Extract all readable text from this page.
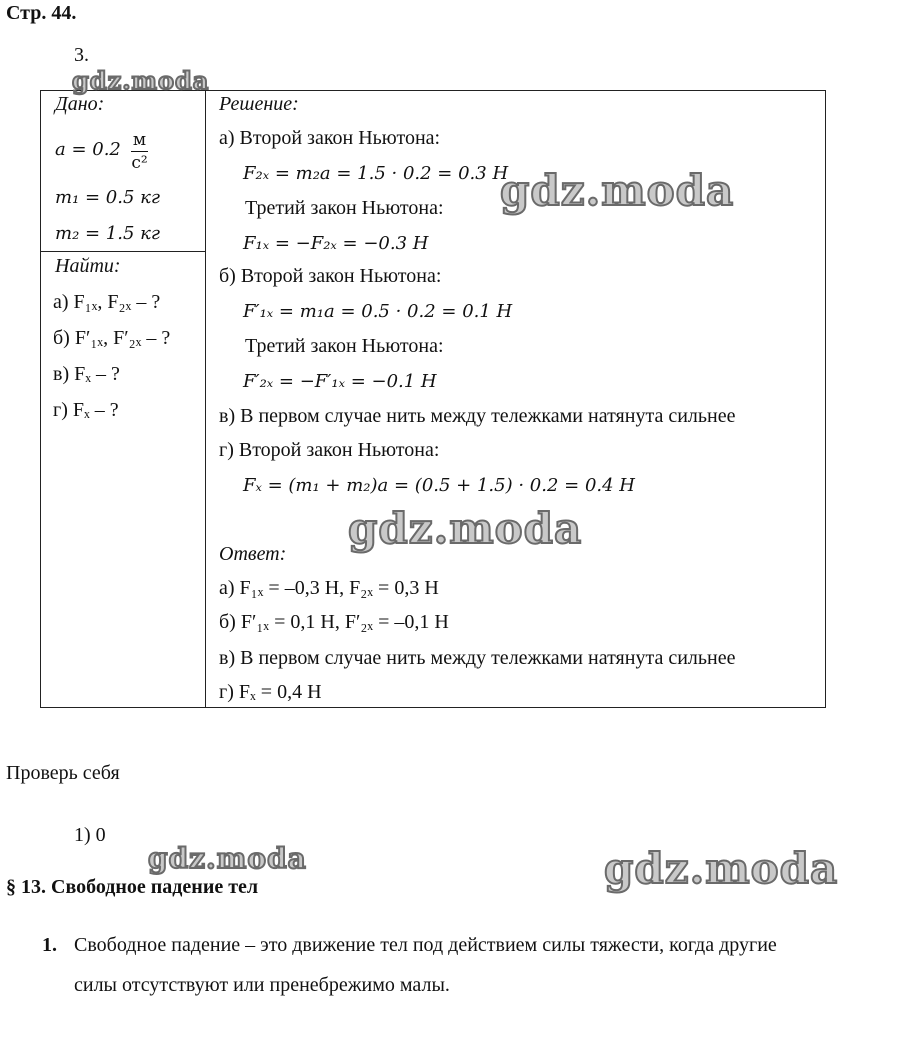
Стр. 44.
3.
Дано:
$a = 0.2 \frac{м}{\text{с²}}$
m₁ = 0.5 кг
m₂ = 1.5 кг
Найти:
а) F₁ₓ, F₂ₓ – ?
б) F′₁ₓ, F′₂ₓ – ?
в) Fₓ – ?
г) Fₓ – ?
Решение:
а) Второй закон Ньютона:
F₂ₓ = m₂a = 1.5 · 0.2 = 0.3 Н
Третий закон Ньютона:
F₁ₓ = −F₂ₓ = −0.3 Н
б) Второй закон Ньютона:
F′₁ₓ = m₁a = 0.5 · 0.2 = 0.1 Н
Третий закон Ньютона:
F′₂ₓ = −F′₁ₓ = −0.1 Н
в) В первом случае нить между тележками натянута сильнее
г) Второй закон Ньютона:
Fₓ = (m₁ + m₂)a = (0.5 + 1.5) · 0.2 = 0.4 Н
Ответ:
а) F₁ₓ = –0,3 Н, F₂ₓ = 0,3 Н
б) F′₁ₓ = 0,1 Н, F′₂ₓ = –0,1 Н
в) В первом случае нить между тележками натянута сильнее
г) Fₓ = 0,4 Н
Проверь себя
1) 0
§ 13. Свободное падение тел
1. Свободное падение – это движение тел под действием силы тяжести, когда другие
силы отсутствуют или пренебрежимо малы.
gdz.moda
gdz.moda
gdz.moda
gdz.moda	gdz.moda
